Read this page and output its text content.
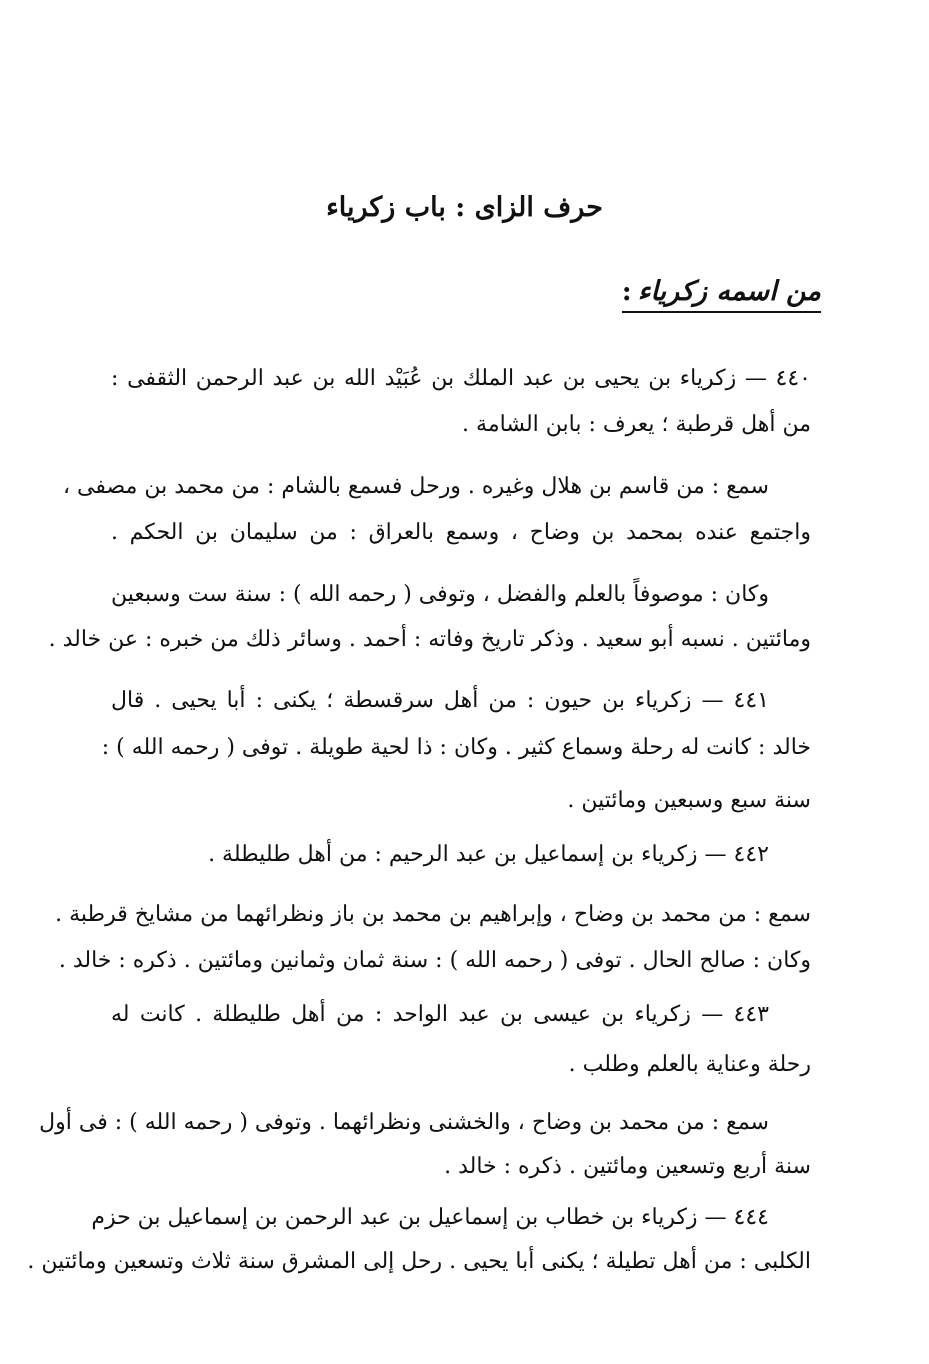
حرف الزاى : باب زكرياء
من اسمه زكرياء:
٤٤٠ — زكرياء بن يحيى بن عبد الملك بن عُبَيْد الله بن عبد الرحمن الثقفى :
من أهل قرطبة ؛ يعرف : بابن الشامة .
سمع : من قاسم بن هلال وغيره . ورحل فسمع بالشام : من محمد بن مصفى ،
واجتمع عنده بمحمد بن وضاح ، وسمع بالعراق : من سليمان بن الحكم .
وكان : موصوفاً بالعلم والفضل ، وتوفى ( رحمه الله ) : سنة ست وسبعين
ومائتين . نسبه أبو سعيد . وذكر تاريخ وفاته : أحمد . وسائر ذلك من خبره : عن خالد .
٤٤١ — زكرياء بن حيون : من أهل سرقسطة ؛ يكنى : أبا يحيى . قال
خالد : كانت له رحلة وسماع كثير . وكان : ذا لحية طويلة . توفى ( رحمه الله ) :
سنة سبع وسبعين ومائتين .
٤٤٢ — زكرياء بن إسماعيل بن عبد الرحيم : من أهل طليطلة .
سمع : من محمد بن وضاح ، وإبراهيم بن محمد بن باز ونظرائهما من مشايخ قرطبة .
وكان : صالح الحال . توفى ( رحمه الله ) : سنة ثمان وثمانين ومائتين . ذكره : خالد .
٤٤٣ — زكرياء بن عيسى بن عبد الواحد : من أهل طليطلة . كانت له
رحلة وعناية بالعلم وطلب .
سمع : من محمد بن وضاح ، والخشنى ونظرائهما . وتوفى ( رحمه الله ) : فى أول
سنة أربع وتسعين ومائتين . ذكره : خالد .
٤٤٤ — زكرياء بن خطاب بن إسماعيل بن عبد الرحمن بن إسماعيل بن حزم
الكلبى : من أهل تطيلة ؛ يكنى أبا يحيى . رحل إلى المشرق سنة ثلاث وتسعين ومائتين .
